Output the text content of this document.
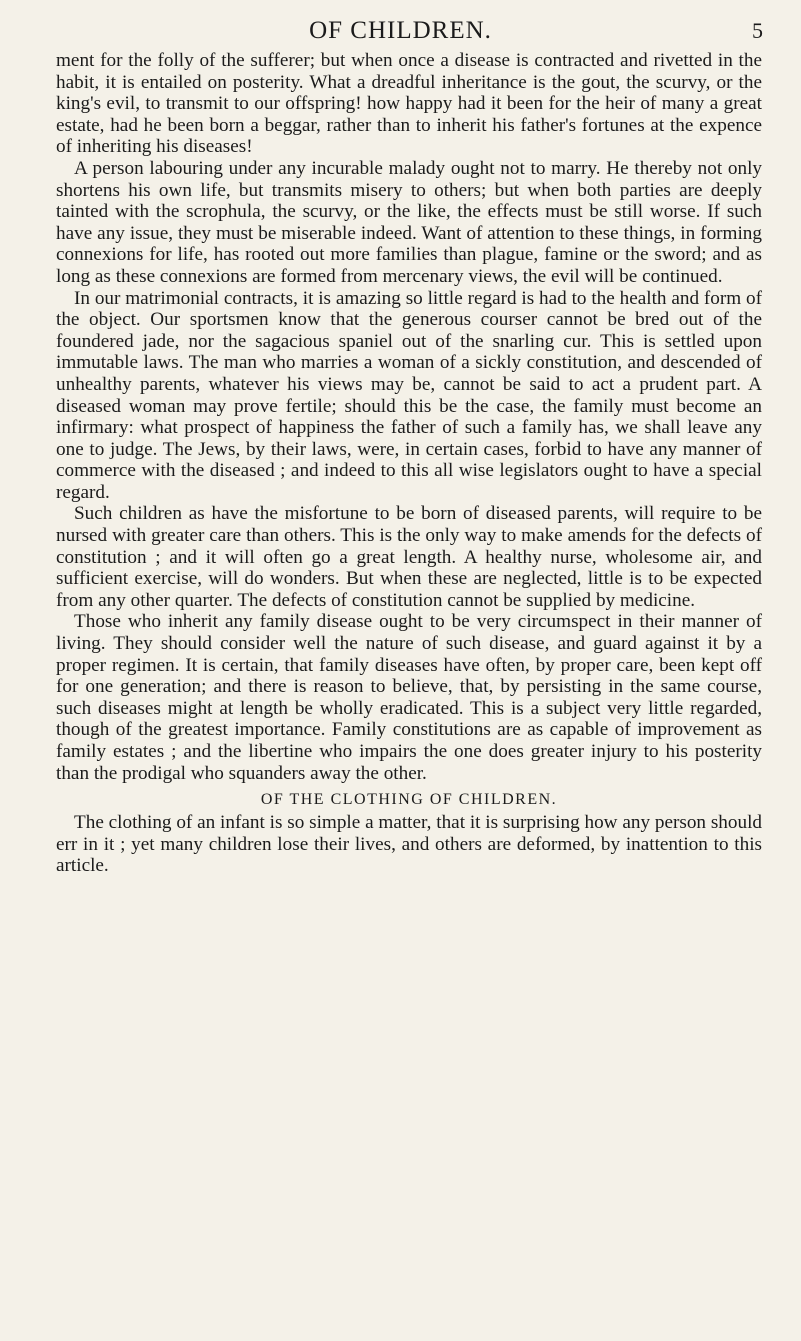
OF CHILDREN.	5

ment for the folly of the sufferer; but when once a disease is contracted and rivetted in the habit, it is entailed on posterity. What a dreadful inheritance is the gout, the scurvy, or the king's evil, to transmit to our offspring! how happy had it been for the heir of many a great estate, had he been born a beggar, rather than to inherit his father's fortunes at the expence of inheriting his diseases!

A person labouring under any incurable malady ought not to marry. He thereby not only shortens his own life, but transmits misery to others; but when both parties are deeply tainted with the scrophula, the scurvy, or the like, the effects must be still worse. If such have any issue, they must be miserable indeed. Want of attention to these things, in forming connexions for life, has rooted out more families than plague, famine or the sword; and as long as these connexions are formed from mercenary views, the evil will be continued.

In our matrimonial contracts, it is amazing so little regard is had to the health and form of the object. Our sportsmen know that the generous courser cannot be bred out of the foundered jade, nor the sagacious spaniel out of the snarling cur. This is settled upon immutable laws. The man who marries a woman of a sickly constitution, and descended of unhealthy parents, whatever his views may be, cannot be said to act a prudent part. A diseased woman may prove fertile; should this be the case, the family must become an infirmary: what prospect of happiness the father of such a family has, we shall leave any one to judge. The Jews, by their laws, were, in certain cases, forbid to have any manner of commerce with the diseased ; and indeed to this all wise legislators ought to have a special regard.

Such children as have the misfortune to be born of diseased parents, will require to be nursed with greater care than others. This is the only way to make amends for the defects of constitution ; and it will often go a great length. A healthy nurse, wholesome air, and sufficient exercise, will do wonders. But when these are neglected, little is to be expected from any other quarter. The defects of constitution cannot be supplied by medicine.

Those who inherit any family disease ought to be very circumspect in their manner of living. They should consider well the nature of such disease, and guard against it by a proper regimen. It is certain, that family diseases have often, by proper care, been kept off for one generation; and there is reason to believe, that, by persisting in the same course, such diseases might at length be wholly eradicated. This is a subject very little regarded, though of the greatest importance. Family constitutions are as capable of improvement as family estates ; and the libertine who impairs the one does greater injury to his posterity than the prodigal who squanders away the other.

OF THE CLOTHING OF CHILDREN.

The clothing of an infant is so simple a matter, that it is surprising how any person should err in it ; yet many children lose their lives, and others are deformed, by inattention to this article.
